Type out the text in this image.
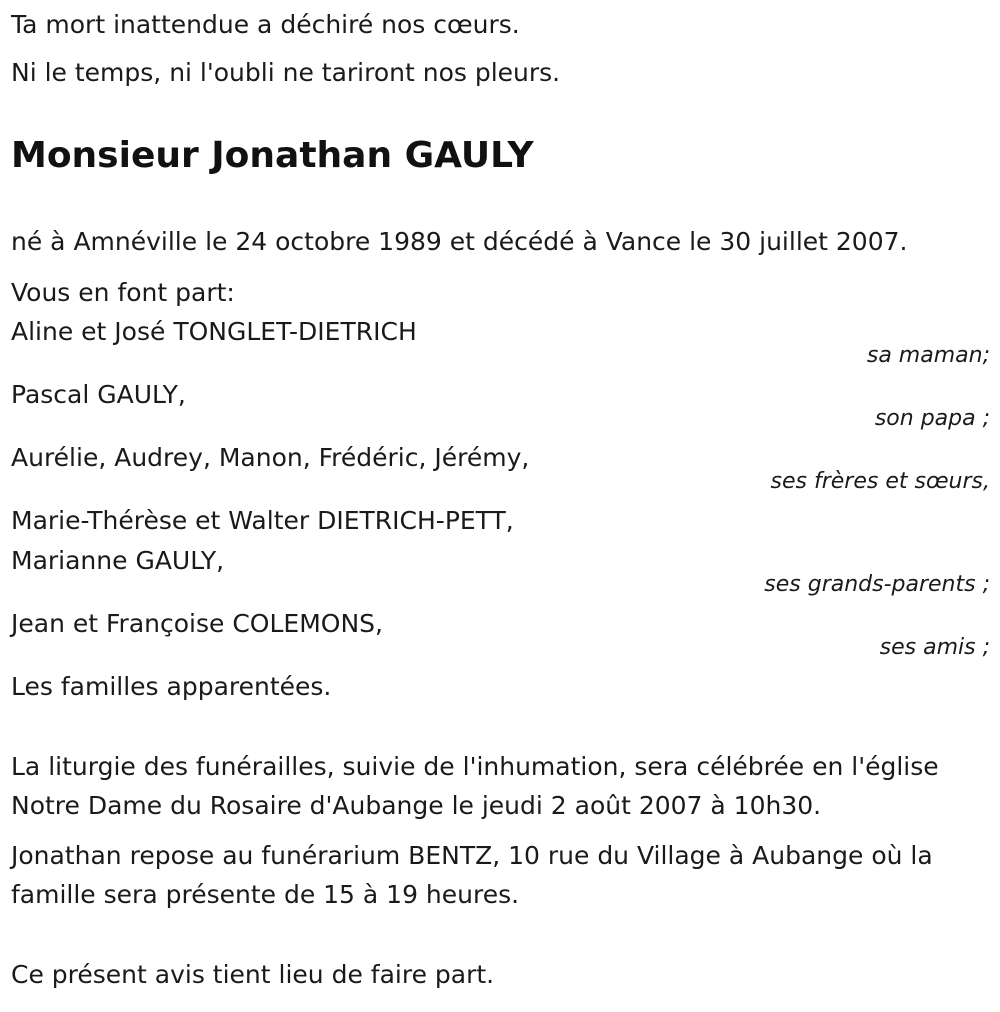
Ta mort inattendue a déchiré nos cœurs.
Ni le temps, ni l'oubli ne tariront nos pleurs.
Monsieur Jonathan GAULY
né à Amnéville le 24 octobre 1989 et décédé à Vance le 30 juillet 2007.
Vous en font part:
Aline et José TONGLET-DIETRICH
sa maman;
Pascal GAULY,
son papa ;
Aurélie, Audrey, Manon, Frédéric, Jérémy,
ses frères et sœurs,
Marie-Thérèse et Walter DIETRICH-PETT,
Marianne GAULY,
ses grands-parents ;
Jean et Françoise COLEMONS,
ses amis ;
Les familles apparentées.
La liturgie des funérailles, suivie de l'inhumation, sera célébrée en l'église
Notre Dame du Rosaire d'Aubange le jeudi 2 août 2007 à 10h30.
Jonathan repose au funérarium BENTZ, 10 rue du Village à Aubange où la
famille sera présente de 15 à 19 heures.
Ce présent avis tient lieu de faire part.
